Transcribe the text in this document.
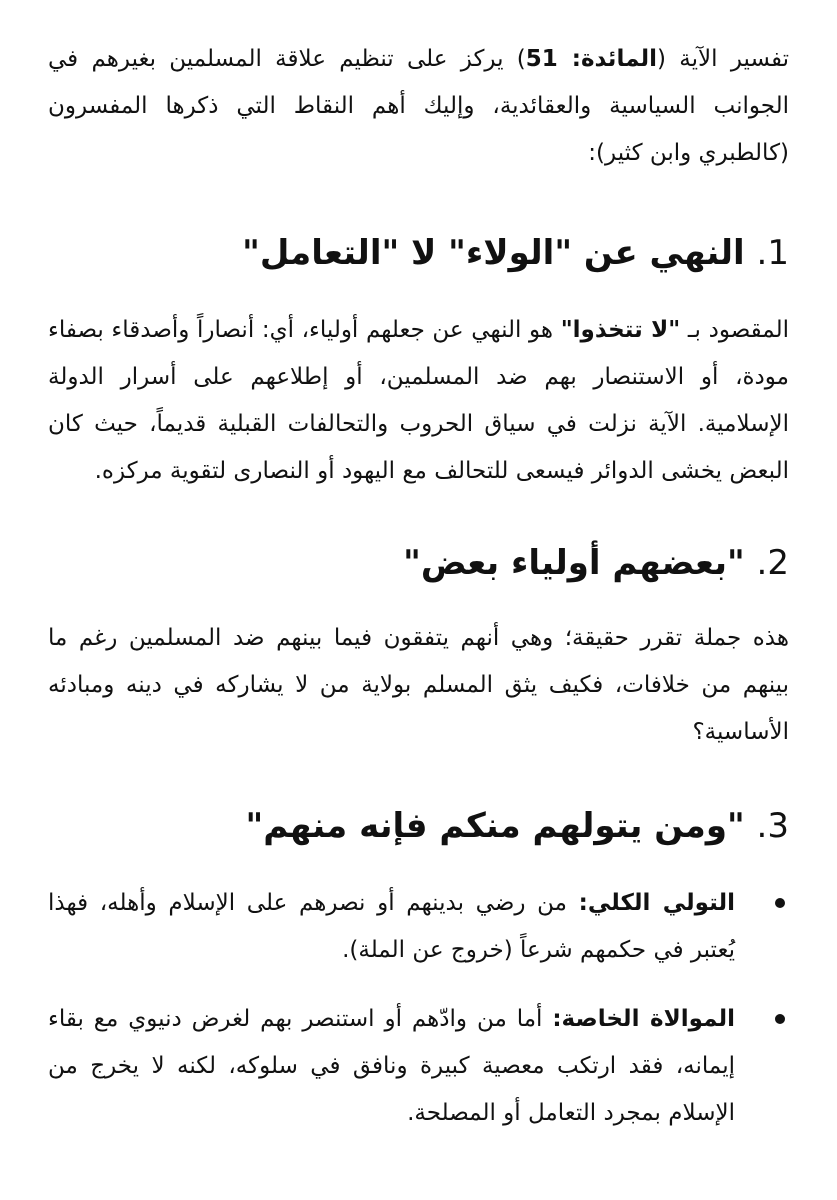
تفسير الآية (المائدة: 51) يركز على تنظيم علاقة المسلمين بغيرهم في الجوانب السياسية والعقائدية، وإليك أهم النقاط التي ذكرها المفسرون (كالطبري وابن كثير):

1. النهي عن "الولاء" لا "التعامل"

المقصود بـ "لا تتخذوا" هو النهي عن جعلهم أولياء، أي: أنصاراً وأصدقاء بصفاء مودة، أو الاستنصار بهم ضد المسلمين، أو إطلاعهم على أسرار الدولة الإسلامية. الآية نزلت في سياق الحروب والتحالفات القبلية قديماً، حيث كان البعض يخشى الدوائر فيسعى للتحالف مع اليهود أو النصارى لتقوية مركزه.

2. "بعضهم أولياء بعض"

هذه جملة تقرر حقيقة؛ وهي أنهم يتفقون فيما بينهم ضد المسلمين رغم ما بينهم من خلافات، فكيف يثق المسلم بولاية من لا يشاركه في دينه ومبادئه الأساسية؟

3. "ومن يتولهم منكم فإنه منهم"
التولي الكلي: من رضي بدينهم أو نصرهم على الإسلام وأهله، فهذا يُعتبر في حكمهم شرعاً (خروج عن الملة).
الموالاة الخاصة: أما من وادّهم أو استنصر بهم لغرض دنيوي مع بقاء إيمانه، فقد ارتكب معصية كبيرة ونافق في سلوكه، لكنه لا يخرج من الإسلام بمجرد التعامل أو المصلحة.
